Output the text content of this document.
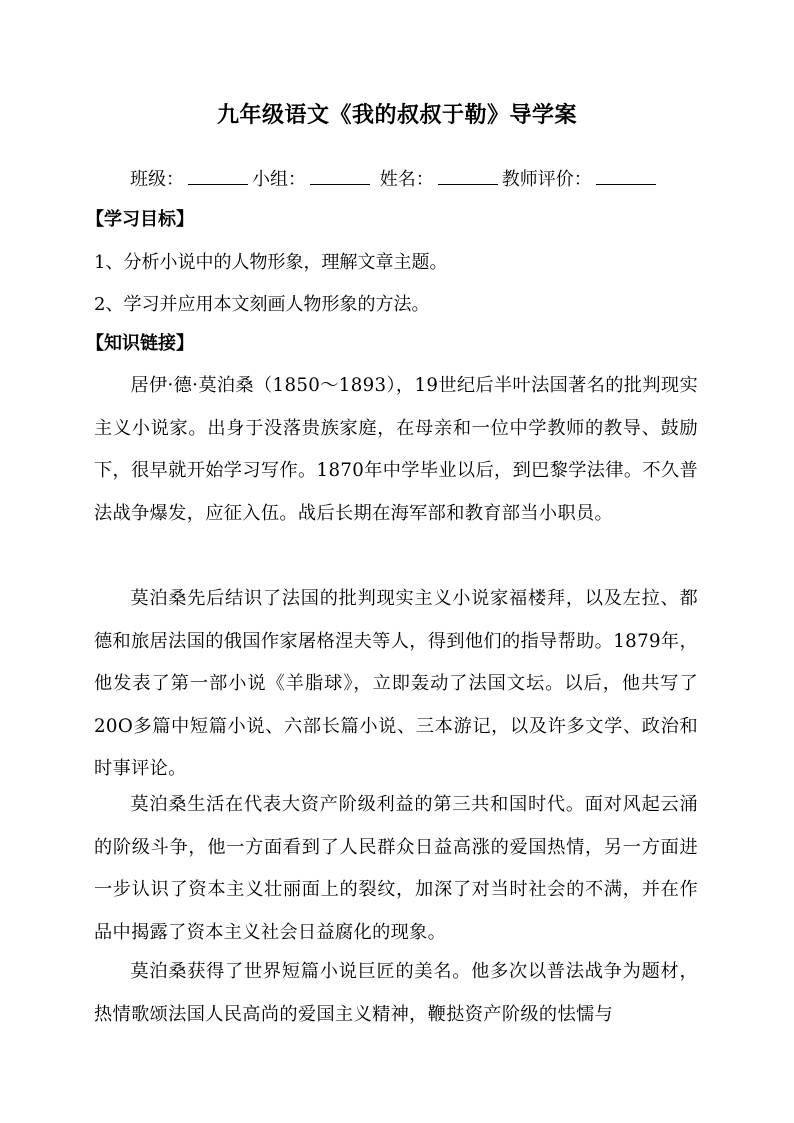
九年级语文《我的叔叔于勒》导学案
班级：	小组：	姓名：	教师评价：
【学习目标】
1、分析小说中的人物形象，理解文章主题。
2、学习并应用本文刻画人物形象的方法。
【知识链接】
居伊·德·莫泊桑（1850～1893），19世纪后半叶法国著名的批判现实主义小说家。出身于没落贵族家庭，在母亲和一位中学教师的教导、鼓励下，很早就开始学习写作。1870年中学毕业以后，到巴黎学法律。不久普法战争爆发，应征入伍。战后长期在海军部和教育部当小职员。
莫泊桑先后结识了法国的批判现实主义小说家福楼拜，以及左拉、都德和旅居法国的俄国作家屠格涅夫等人，得到他们的指导帮助。1879年，他发表了第一部小说《羊脂球》，立即轰动了法国文坛。以后，他共写了20O多篇中短篇小说、六部长篇小说、三本游记，以及许多文学、政治和时事评论。
莫泊桑生活在代表大资产阶级利益的第三共和国时代。面对风起云涌的阶级斗争，他一方面看到了人民群众日益高涨的爱国热情，另一方面进一步认识了资本主义壮丽面上的裂纹，加深了对当时社会的不满，并在作品中揭露了资本主义社会日益腐化的现象。
莫泊桑获得了世界短篇小说巨匠的美名。他多次以普法战争为题材，热情歌颂法国人民高尚的爱国主义精神，鞭挞资产阶级的怯懦与
